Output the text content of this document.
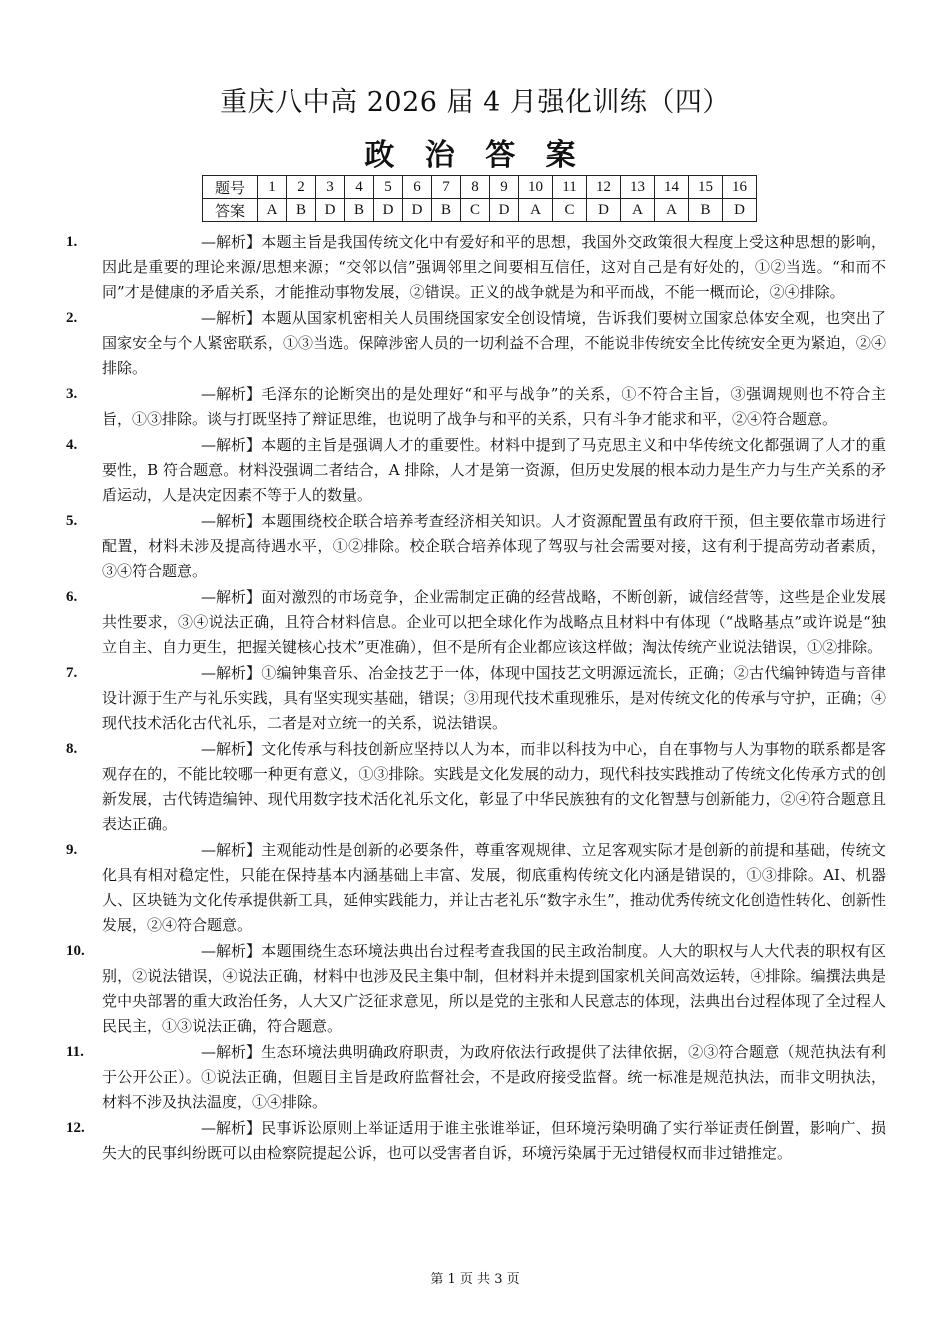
重庆八中高 2026 届 4 月强化训练（四）
政 治 答 案
题号	1	2	3	4	5	6	7	8	9	10	11	12	13	14	15	16
答案	A	B	D	B	D	D	B	C	D	A	C	D	A	A	B	D
1.	—解析】本题主旨是我国传统文化中有爱好和平的思想，我国外交政策很大程度上受这种思想的影响，因此是重要的理论来源/思想来源；“交邻以信”强调邻里之间要相互信任，这对自己是有好处的，①②当选。“和而不同”才是健康的矛盾关系，才能推动事物发展，②错误。正义的战争就是为和平而战，不能一概而论，②④排除。
2.	—解析】本题从国家机密相关人员围绕国家安全创设情境，告诉我们要树立国家总体安全观，也突出了国家安全与个人紧密联系，①③当选。保障涉密人员的一切利益不合理，不能说非传统安全比传统安全更为紧迫，②④排除。
3.	—解析】毛泽东的论断突出的是处理好“和平与战争”的关系，①不符合主旨，③强调规则也不符合主旨，①③排除。谈与打既坚持了辩证思维，也说明了战争与和平的关系，只有斗争才能求和平，②④符合题意。
4.	—解析】本题的主旨是强调人才的重要性。材料中提到了马克思主义和中华传统文化都强调了人才的重要性，B 符合题意。材料没强调二者结合，A 排除，人才是第一资源，但历史发展的根本动力是生产力与生产关系的矛盾运动，人是决定因素不等于人的数量。
5.	—解析】本题围绕校企联合培养考查经济相关知识。人才资源配置虽有政府干预，但主要依靠市场进行配置，材料未涉及提高待遇水平，①②排除。校企联合培养体现了驾驭与社会需要对接，这有利于提高劳动者素质，③④符合题意。
6.	—解析】面对激烈的市场竞争，企业需制定正确的经营战略，不断创新，诚信经营等，这些是企业发展共性要求，③④说法正确，且符合材料信息。企业可以把全球化作为战略点且材料中有体现（“战略基点”或许说是“独立自主、自力更生，把握关键核心技术”更准确），但不是所有企业都应该这样做；淘汰传统产业说法错误，①②排除。
7.	—解析】①编钟集音乐、冶金技艺于一体，体现中国技艺文明源远流长，正确；②古代编钟铸造与音律设计源于生产与礼乐实践，具有坚实现实基础，错误；③用现代技术重现雅乐，是对传统文化的传承与守护，正确；④现代技术活化古代礼乐，二者是对立统一的关系，说法错误。
8.	—解析】文化传承与科技创新应坚持以人为本，而非以科技为中心，自在事物与人为事物的联系都是客观存在的，不能比较哪一种更有意义，①③排除。实践是文化发展的动力，现代科技实践推动了传统文化传承方式的创新发展，古代铸造编钟、现代用数字技术活化礼乐文化，彰显了中华民族独有的文化智慧与创新能力，②④符合题意且表达正确。
9.	—解析】主观能动性是创新的必要条件，尊重客观规律、立足客观实际才是创新的前提和基础，传统文化具有相对稳定性，只能在保持基本内涵基础上丰富、发展，彻底重构传统文化内涵是错误的，①③排除。AI、机器人、区块链为文化传承提供新工具，延伸实践能力，并让古老礼乐“数字永生”，推动优秀传统文化创造性转化、创新性发展，②④符合题意。
10.	—解析】本题围绕生态环境法典出台过程考查我国的民主政治制度。人大的职权与人大代表的职权有区别，②说法错误，④说法正确，材料中也涉及民主集中制，但材料并未提到国家机关间高效运转，④排除。编撰法典是党中央部署的重大政治任务，人大又广泛征求意见，所以是党的主张和人民意志的体现，法典出台过程体现了全过程人民民主，①③说法正确，符合题意。
11.	—解析】生态环境法典明确政府职责，为政府依法行政提供了法律依据，②③符合题意（规范执法有利于公开公正）。①说法正确，但题目主旨是政府监督社会，不是政府接受监督。统一标准是规范执法，而非文明执法，材料不涉及执法温度，①④排除。
12.	—解析】民事诉讼原则上举证适用于谁主张谁举证，但环境污染明确了实行举证责任倒置，影响广、损失大的民事纠纷既可以由检察院提起公诉，也可以受害者自诉，环境污染属于无过错侵权而非过错推定。
第 1 页 共 3 页
